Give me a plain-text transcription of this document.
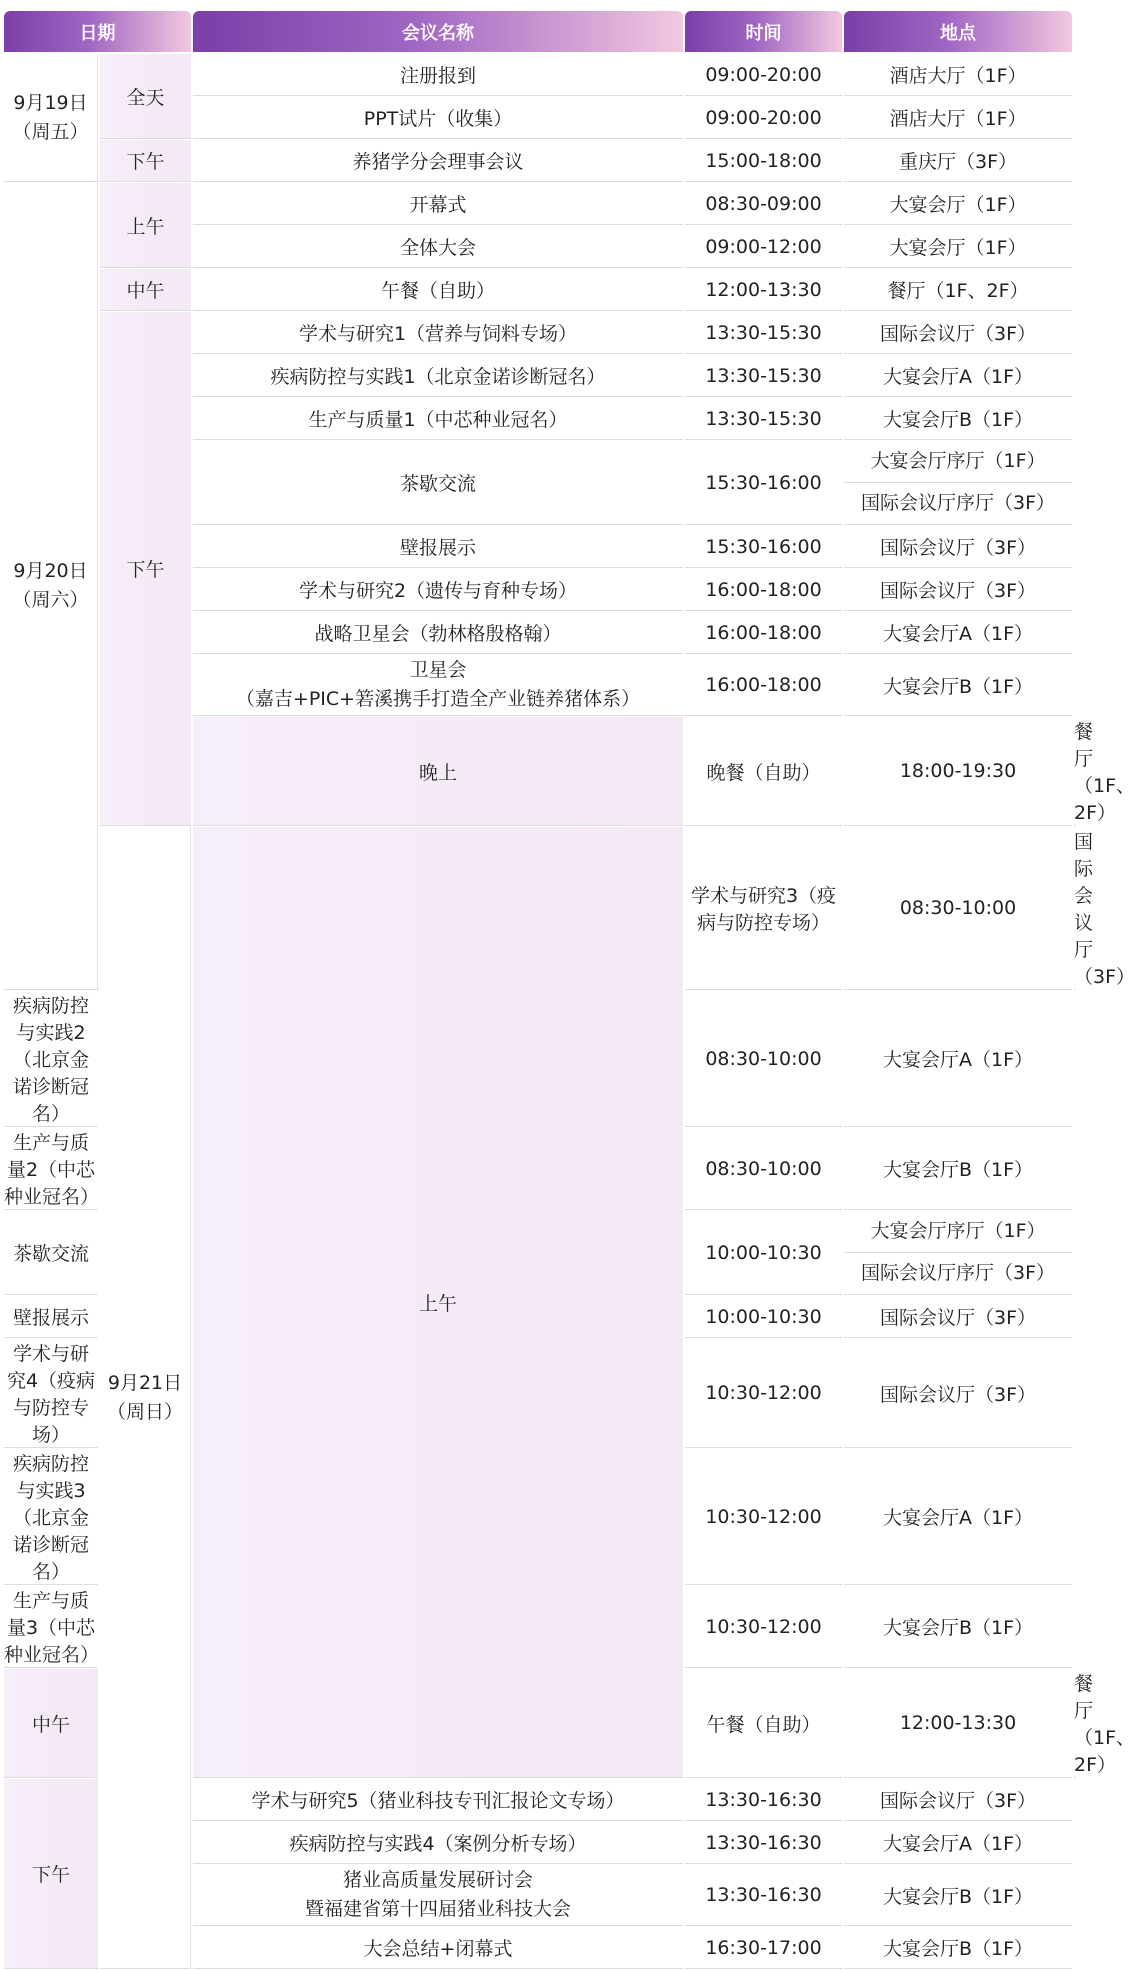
日期		会议名称	时间	地点	

9月19日
（周五）	全天	注册报到	09:00-20:00	酒店大厅（1F）	

		PPT试片（收集）	09:00-20:00	酒店大厅（1F）	

	下午	养猪学分会理事会议	15:00-18:00	重庆厅（3F）	

9月20日
（周六）	上午	开幕式	08:30-09:00	大宴会厅（1F）	

		全体大会	09:00-12:00	大宴会厅（1F）	

	中午	午餐（自助）	12:00-13:30	餐厅（1F、2F）	

	下午	学术与研究1（营养与饲料专场）	13:30-15:30	国际会议厅（3F）	

		疾病防控与实践1（北京金诺诊断冠名）	13:30-15:30	大宴会厅A（1F）	

		生产与质量1（中芯种业冠名）	13:30-15:30	大宴会厅B（1F）	

		茶歇交流	15:30-16:00	大宴会厅序厅（1F）
国际会议厅序厅（3F）	

		壁报展示	15:30-16:00	国际会议厅（3F）	

		学术与研究2（遗传与育种专场）	16:00-18:00	国际会议厅（3F）	

		战略卫星会（勃林格殷格翰）	16:00-18:00	大宴会厅A（1F）	

		卫星会
（嘉吉+PIC+箬溪携手打造全产业链养猪体系）	16:00-18:00	大宴会厅B（1F）	

		晚上	晚餐（自助）	18:00-19:30	餐厅（1F、2F）

	9月21日
（周日）	上午	学术与研究3（疫病与防控专场）	08:30-10:00	国际会议厅（3F）

疾病防控与实践2（北京金诺诊断冠名）			08:30-10:00	大宴会厅A（1F）	

生产与质量2（中芯种业冠名）			08:30-10:00	大宴会厅B（1F）	

茶歇交流			10:00-10:30	大宴会厅序厅（1F）
国际会议厅序厅（3F）	

壁报展示			10:00-10:30	国际会议厅（3F）	

学术与研究4（疫病与防控专场）			10:30-12:00	国际会议厅（3F）	

疾病防控与实践3（北京金诺诊断冠名）			10:30-12:00	大宴会厅A（1F）	

生产与质量3（中芯种业冠名）			10:30-12:00	大宴会厅B（1F）	

中午			午餐（自助）	12:00-13:30	餐厅（1F、2F）

下午		学术与研究5（猪业科技专刊汇报论文专场）	13:30-16:30	国际会议厅（3F）	

		疾病防控与实践4（案例分析专场）	13:30-16:30	大宴会厅A（1F）	

		猪业高质量发展研讨会
暨福建省第十四届猪业科技大会	13:30-16:30	大宴会厅B（1F）	

		大会总结+闭幕式	16:30-17:00	大宴会厅B（1F）	
